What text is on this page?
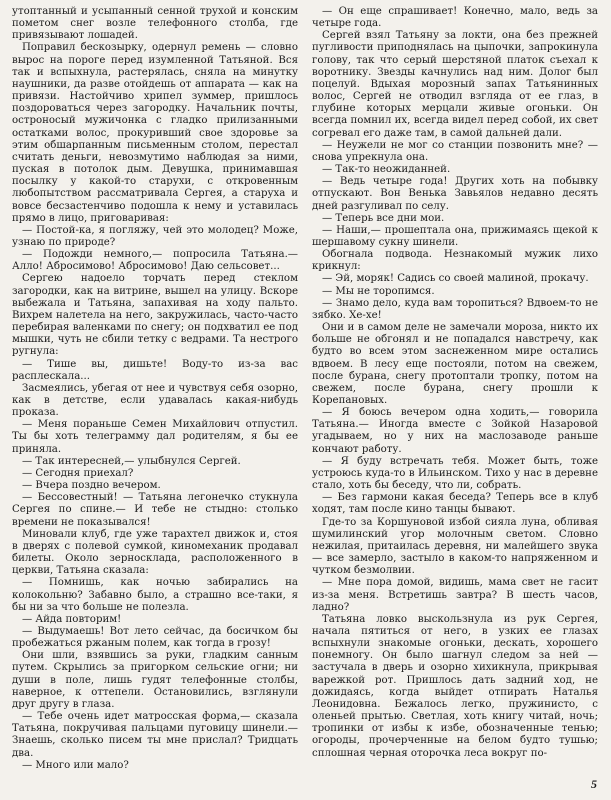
утоптанный и усыпанный сенной трухой и конским пометом снег возле телефонного столба, где привязывают лошадей.

Поправил бескозырку, одернул ремень — словно вырос на пороге перед изумленной Татьяной. Вся так и вспыхнула, растерялась, сняла на минутку наушники, да разве отойдешь от аппарата — как на привязи. Настойчиво хрипел зуммер, пришлось поздороваться через загородку. Начальник почты, остроносый мужичонка с гладко прилизанными остатками волос, прокуривший свое здоровье за этим обшарпанным письменным столом, перестал считать деньги, невозмутимо наблюдая за ними, пуская в потолок дым. Девушка, принимавшая посылку у какой-то старухи, с откровенным любопытством рассматривала Сергея, а старуха и вовсе бесзастенчиво подошла к нему и уставилась прямо в лицо, приговаривая:

— Постой-ка, я погляжу, чей это молодец? Може, узнаю по природе?

— Подожди немного,— попросила Татьяна.— Алло! Абросимово! Абросимово! Даю сельсовет...

Сергею надоело торчать перед стеклом загородки, как на витрине, вышел на улицу. Вскоре выбежала и Татьяна, запахивая на ходу пальто. Вихрем налетела на него, закружилась, часто-часто перебирая валенками по снегу; он подхватил ее под мышки, чуть не сбили тетку с ведрами. Та нестрого ругнула:

— Тише вы, дишьте! Воду-то из-за вас расплескала...

Засмеялись, убегая от нее и чувствуя себя озорно, как в детстве, если удавалась какая-нибудь проказа.

— Меня пораньше Семен Михайлович отпустил. Ты бы хоть телеграмму дал родителям, я бы ее приняла.

— Так интересней,— улыбнулся Сергей.

— Сегодня приехал?

— Вчера поздно вечером.

— Бессовестный! — Татьяна легонечко стукнула Сергея по спине.— И тебе не стыдно: столько времени не показывался!

Миновали клуб, где уже тарахтел движок и, стоя в дверях с полевой сумкой, киномеханик продавал билеты. Около зерносклада, расположенного в церкви, Татьяна сказала:

— Помнишь, как ночью забирались на колокольню? Забавно было, а страшно все-таки, я бы ни за что больше не полезла.

— Айда повторим!

— Выдумаешь! Вот лето сейчас, да босичком бы пробежаться ржаным полем, как тогда в грозу!

Они шли, взявшись за руки, гладким санным путем. Скрылись за пригорком сельские огни; ни души в поле, лишь гудят телефонные столбы, наверное, к оттепели. Остановились, взглянули друг другу в глаза.

— Тебе очень идет матросская форма,— сказала Татьяна, покручивая пальцами пуговицу шинели.— Знаешь, сколько писем ты мне прислал? Тридцать два.

— Много или мало?

— Он еще спрашивает! Конечно, мало, ведь за четыре года.

Сергей взял Татьяну за локти, она без прежней пугливости приподнялась на цыпочки, запрокинула голову, так что серый шерстяной платок съехал к воротнику. Звезды качнулись над ним. Долог был поцелуй. Вдыхая морозный запах Татьянинных волос, Сергей не отводил взгляда от ее глаз, в глубине которых мерцали живые огоньки. Он всегда помнил их, всегда видел перед собой, их свет согревал его даже там, в самой дальней дали.

— Неужели не мог со станции позвонить мне? — снова упрекнула она.

— Так-то неожиданней.

— Ведь четыре года! Других хоть на побывку отпускают. Вон Венька Завьялов недавно десять дней разгуливал по селу.

— Теперь все дни мои.

— Наши,— прошептала она, прижимаясь щекой к шершавому сукну шинели.

Обогнала подвода. Незнакомый мужик лихо крикнул:

— Эй, моряк! Садись со своей малиной, прокачу.

— Мы не торопимся.

— Знамо дело, куда вам торопиться? Вдвоем-то не зябко. Хе-хе!

Они и в самом деле не замечали мороза, никто их больше не обгонял и не попадался навстречу, как будто во всем этом заснеженном мире остались вдвоем. В лесу еще постояли, потом на свежем, после бурана, снегу протоптали тропку, потом на свежем, после бурана, снегу прошли к Корепановых.

— Я боюсь вечером одна ходить,— говорила Татьяна.— Иногда вместе с Зойкой Назаровой угадываем, но у них на маслозаводе раньше кончают работу.

— Я буду встречать тебя. Может быть, тоже устроюсь куда-то в Ильинском. Тихо у нас в деревне стало, хоть бы беседу, что ли, собрать.

— Без гармони какая беседа? Теперь все в клуб ходят, там после кино танцы бывают.

Где-то за Коршуновой избой сияла луна, обливая шумилинский угор молочным светом. Словно нежилая, притаилась деревня, ни малейшего звука — все замерло, застыло в каком-то напряженном и чутком безмолвии.

— Мне пора домой, видишь, мама свет не гасит из-за меня. Встретишь завтра? В шесть часов, ладно?

Татьяна ловко выскользнула из рук Сергея, начала пятиться от него, в узких ее глазах вспыхнули знакомые огоньки, дескать, хорошего понемногу. Он было шагнул следом за ней — застучала в дверь и озорно хихикнула, прикрывая варежкой рот. Пришлось дать задний ход, не дожидаясь, когда выйдет отпирать Наталья Леонидовна. Бежалось легко, пружинисто, с оленьей прытью. Светлая, хоть книгу читай, ночь; тропинки от избы к избе, обозначенные тенью; огороды, прочерченные на белом будто тушью; сплошная черная оторочка леса вокруг по-

5
